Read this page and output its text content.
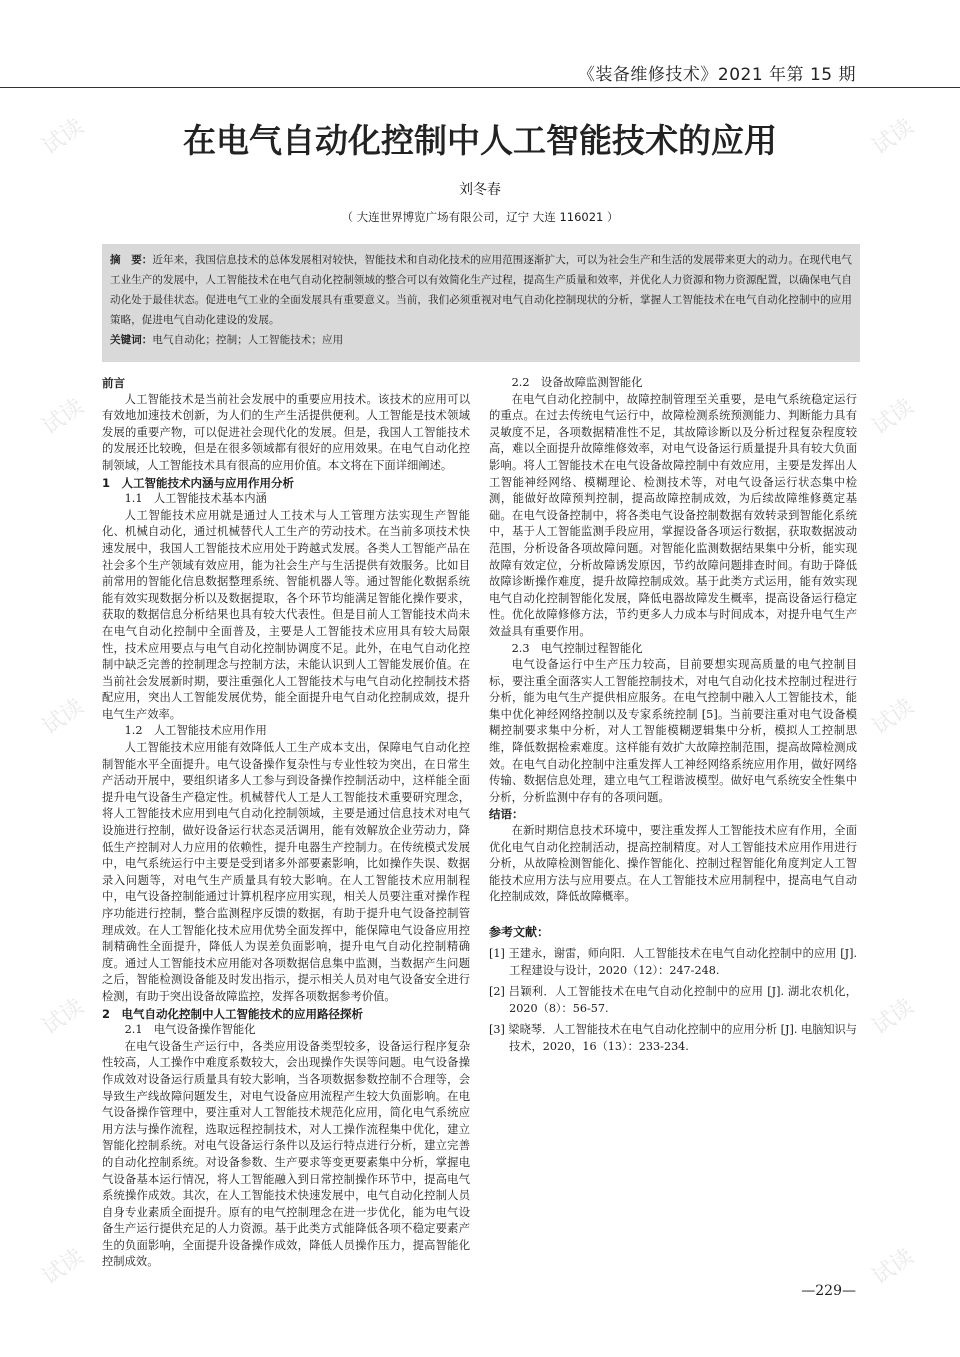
《装备维修技术》2021 年第 15 期
在电气自动化控制中人工智能技术的应用
刘冬春
（ 大连世界博览广场有限公司，辽宁 大连 116021 ）

摘　要：近年来，我国信息技术的总体发展相对较快，智能技术和自动化技术的应用范围逐渐扩大，可以为社会生产和生活的发展带来更大的动力。在现代电气工业生产的发展中，人工智能技术在电气自动化控制领域的整合可以有效简化生产过程，提高生产质量和效率，并优化人力资源和物力资源配置，以确保电气自动化处于最佳状态。促进电气工业的全面发展具有重要意义。当前，我们必须重视对电气自动化控制现状的分析，掌握人工智能技术在电气自动化控制中的应用策略，促进电气自动化建设的发展。

关键词：电气自动化；控制；人工智能技术；应用

前言

人工智能技术是当前社会发展中的重要应用技术。该技术的应用可以有效地加速技术创新，为人们的生产生活提供便利。人工智能是技术领域发展的重要产物，可以促进社会现代化的发展。但是，我国人工智能技术的发展还比较晚，但是在很多领域都有很好的应用效果。在电气自动化控制领域，人工智能技术具有很高的应用价值。本文将在下面详细阐述。

1　人工智能技术内涵与应用作用分析

1.1　人工智能技术基本内涵

人工智能技术应用就是通过人工技术与人工管理方法实现生产智能化、机械自动化，通过机械替代人工生产的劳动技术。在当前多项技术快速发展中，我国人工智能技术应用处于跨越式发展。各类人工智能产品在社会多个生产领域有效应用，能为社会生产与生活提供有效服务。比如目前常用的智能化信息数据整理系统、智能机器人等。通过智能化数据系统能有效实现数据分析以及数据提取，各个环节均能满足智能化操作要求，获取的数据信息分析结果也具有较大代表性。但是目前人工智能技术尚未在电气自动化控制中全面普及，主要是人工智能技术应用具有较大局限性，技术应用要点与电气自动化控制协调度不足。此外，在电气自动化控制中缺乏完善的控制理念与控制方法，未能认识到人工智能发展价值。在当前社会发展新时期，要注重强化人工智能技术与电气自动化控制技术搭配应用，突出人工智能发展优势，能全面提升电气自动化控制成效，提升电气生产效率。

1.2　人工智能技术应用作用

人工智能技术应用能有效降低人工生产成本支出，保障电气自动化控制智能水平全面提升。电气设备操作复杂性与专业性较为突出，在日常生产活动开展中，要组织诸多人工参与到设备操作控制活动中，这样能全面提升电气设备生产稳定性。机械替代人工是人工智能技术重要研究理念，将人工智能技术应用到电气自动化控制领域，主要是通过信息技术对电气设施进行控制，做好设备运行状态灵活调用，能有效解放企业劳动力，降低生产控制对人力应用的依赖性，提升电器生产控制力。在传统模式发展中，电气系统运行中主要是受到诸多外部要素影响，比如操作失误、数据录入问题等，对电气生产质量具有较大影响。在人工智能技术应用制程中，电气设备控制能通过计算机程序应用实现，相关人员要注重对操作程序功能进行控制，整合监测程序反馈的数据，有助于提升电气设备控制管理成效。在人工智能化技术应用优势全面发挥中，能保障电气设备应用控制精确性全面提升，降低人为误差负面影响，提升电气自动化控制精确度。通过人工智能技术应用能对各项数据信息集中监测，当数据产生问题之后，智能检测设备能及时发出指示，提示相关人员对电气设备安全进行检测，有助于突出设备故障监控，发挥各项数据参考价值。

2　电气自动化控制中人工智能技术的应用路径探析

2.1　电气设备操作智能化

在电气设备生产运行中，各类应用设备类型较多，设备运行程序复杂性较高，人工操作中难度系数较大，会出现操作失误等问题。电气设备操作成效对设备运行质量具有较大影响，当各项数据参数控制不合理等，会导致生产线故障问题发生，对电气设备应用流程产生较大负面影响。在电气设备操作管理中，要注重对人工智能技术规范化应用，简化电气系统应用方法与操作流程，选取远程控制技术，对人工操作流程集中优化，建立智能化控制系统。对电气设备运行条件以及运行特点进行分析，建立完善的自动化控制系统。对设备参数、生产要求等变更要素集中分析，掌握电气设备基本运行情况，将人工智能融入到日常控制操作环节中，提高电气系统操作成效。其次，在人工智能技术快速发展中，电气自动化控制人员自身专业素质全面提升。原有的电气控制理念在进一步优化，能为电气设备生产运行提供充足的人力资源。基于此类方式能降低各项不稳定要素产生的负面影响，全面提升设备操作成效，降低人员操作压力，提高智能化控制成效。

2.2　设备故障监测智能化

在电气自动化控制中，故障控制管理至关重要，是电气系统稳定运行的重点。在过去传统电气运行中，故障检测系统预测能力、判断能力具有灵敏度不足，各项数据精准性不足，其故障诊断以及分析过程复杂程度较高，难以全面提升故障维修效率，对电气设备运行质量提升具有较大负面影响。将人工智能技术在电气设备故障控制中有效应用，主要是发挥出人工智能神经网络、模糊理论、检测技术等，对电气设备运行状态集中检测，能做好故障预判控制，提高故障控制成效，为后续故障维修奠定基础。在电气设备控制中，将各类电气设备控制数据有效转录到智能化系统中，基于人工智能监测手段应用，掌握设备各项运行数据，获取数据波动范围，分析设备各项故障问题。对智能化监测数据结果集中分析，能实现故障有效定位，分析故障诱发原因，节约故障问题排查时间。有助于降低故障诊断操作难度，提升故障控制成效。基于此类方式运用，能有效实现电气自动化控制智能化发展，降低电器故障发生概率，提高设备运行稳定性。优化故障修修方法，节约更多人力成本与时间成本，对提升电气生产效益具有重要作用。

2.3　电气控制过程智能化

电气设备运行中生产压力较高，目前要想实现高质量的电气控制目标，要注重全面落实人工智能控制技术，对电气自动化技术控制过程进行分析，能为电气生产提供相应服务。在电气控制中融入人工智能技术，能集中优化神经网络控制以及专家系统控制 [5]。当前要注重对电气设备模糊控制要求集中分析，对人工智能模糊逻辑集中分析，模拟人工控制思维，降低数据检索难度。这样能有效扩大故障控制范围，提高故障检测成效。在电气自动化控制中注重发挥人工神经网络系统应用作用，做好网络传输、数据信息处理，建立电气工程谐波模型。做好电气系统安全性集中分析，分析监测中存有的各项问题。

结语：

在新时期信息技术环境中，要注重发挥人工智能技术应有作用，全面优化电气自动化控制活动，提高控制精度。对人工智能技术应用作用进行分析，从故障检测智能化、操作智能化、控制过程智能化角度判定人工智能技术应用方法与应用要点。在人工智能技术应用制程中，提高电气自动化控制成效，降低故障概率。

参考文献：
[1] 王建永，谢雷，师向阳．人工智能技术在电气自动化控制中的应用 [J]. 工程建设与设计，2020（12）：247-248.
[2] 吕颖利．人工智能技术在电气自动化控制中的应用 [J]. 湖北农机化，2020（8）：56-57.
[3] 梁晓琴．人工智能技术在电气自动化控制中的应用分析 [J]. 电脑知识与技术，2020，16（13）：233-234.
—229—
试读	试读
试读	试读
试读	试读
试读	试读
试读	试读
